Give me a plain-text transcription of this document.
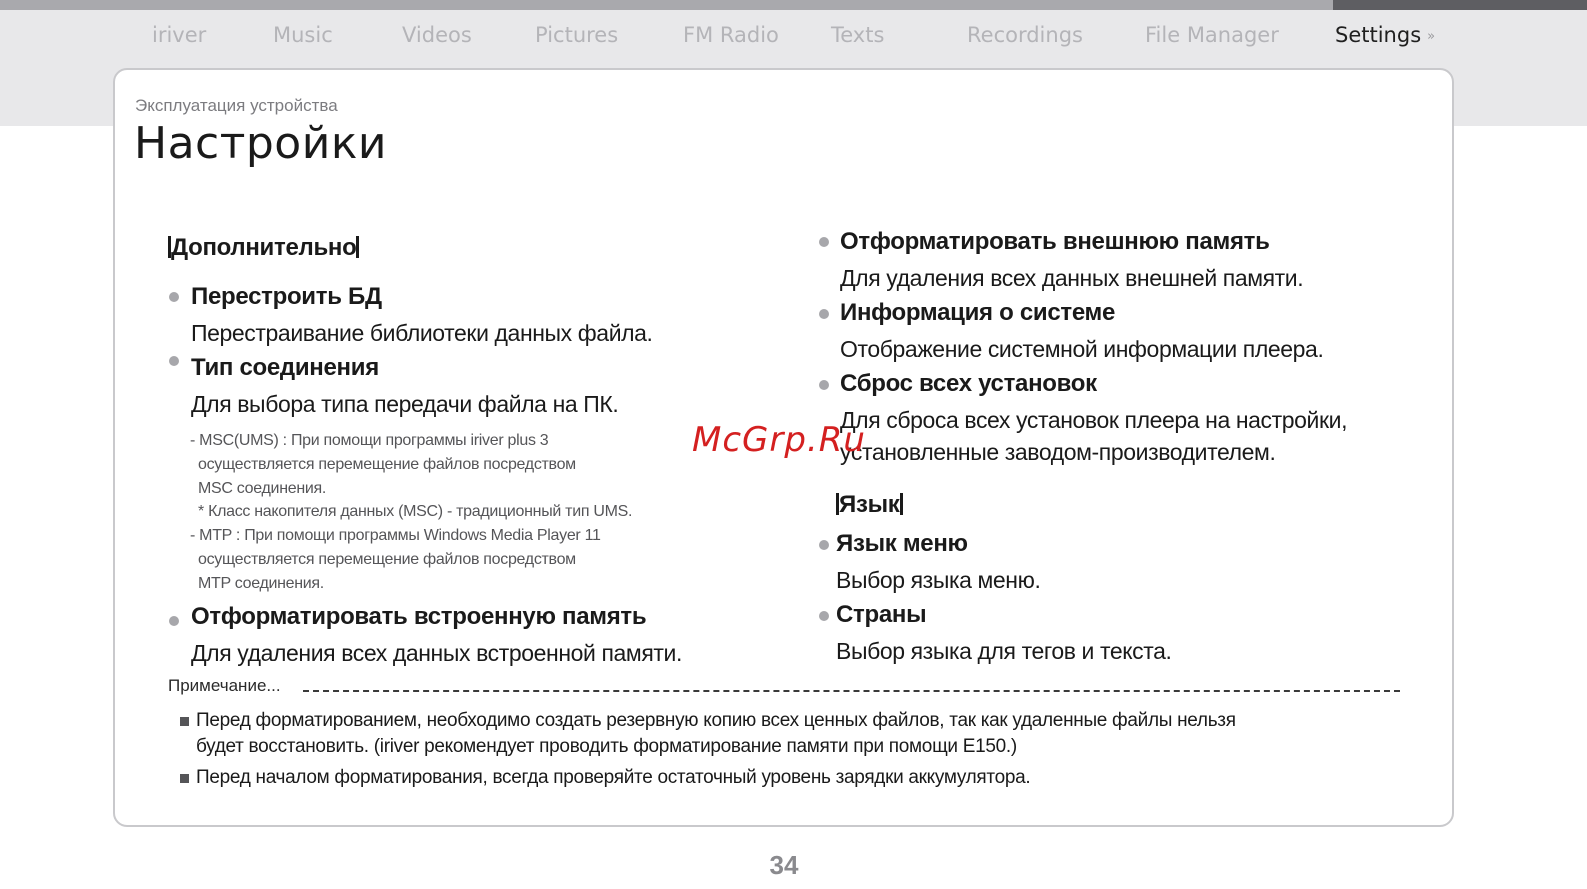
iriver	Music	Videos	Pictures	FM Radio Texts	Recordings	File Manager	Settings »
Эксплуатация устройства
Настройки
Дополнительно
Перестроить БД
Перестраивание библиотеки данных файла.
Тип соединения
Для выбора типа передачи файла на ПК.
- MSC(UMS) : При помощи программы iriver plus 3
осуществляется перемещение файлов посредством
MSC соединения.
* Класс накопителя данных (MSC) - традиционный тип UMS.
- MTP : При помощи программы Windows Media Player 11
осуществляется перемещение файлов посредством
MTP соединения.
Отформатировать встроенную память
Для удаления всех данных встроенной памяти.
Отформатировать внешнюю память
Для удаления всех данных внешней памяти.
Информация о системе
Отображение системной информации плеера.
Сброс всех установок
Для сброса всех установок плеера на настройки,
установленные заводом-производителем.
Язык
Язык меню
Выбор языка меню.
Страны
Выбор языка для тегов и текста.
McGrp.Ru
Примечание...
Перед форматированием, необходимо создать резервную копию всех ценных файлов, так как удаленные файлы нельзя
будет восстановить. (iriver рекомендует проводить форматирование памяти при помощи E150.)
Перед началом форматирования, всегда проверяйте остаточный уровень зарядки аккумулятора.
34
